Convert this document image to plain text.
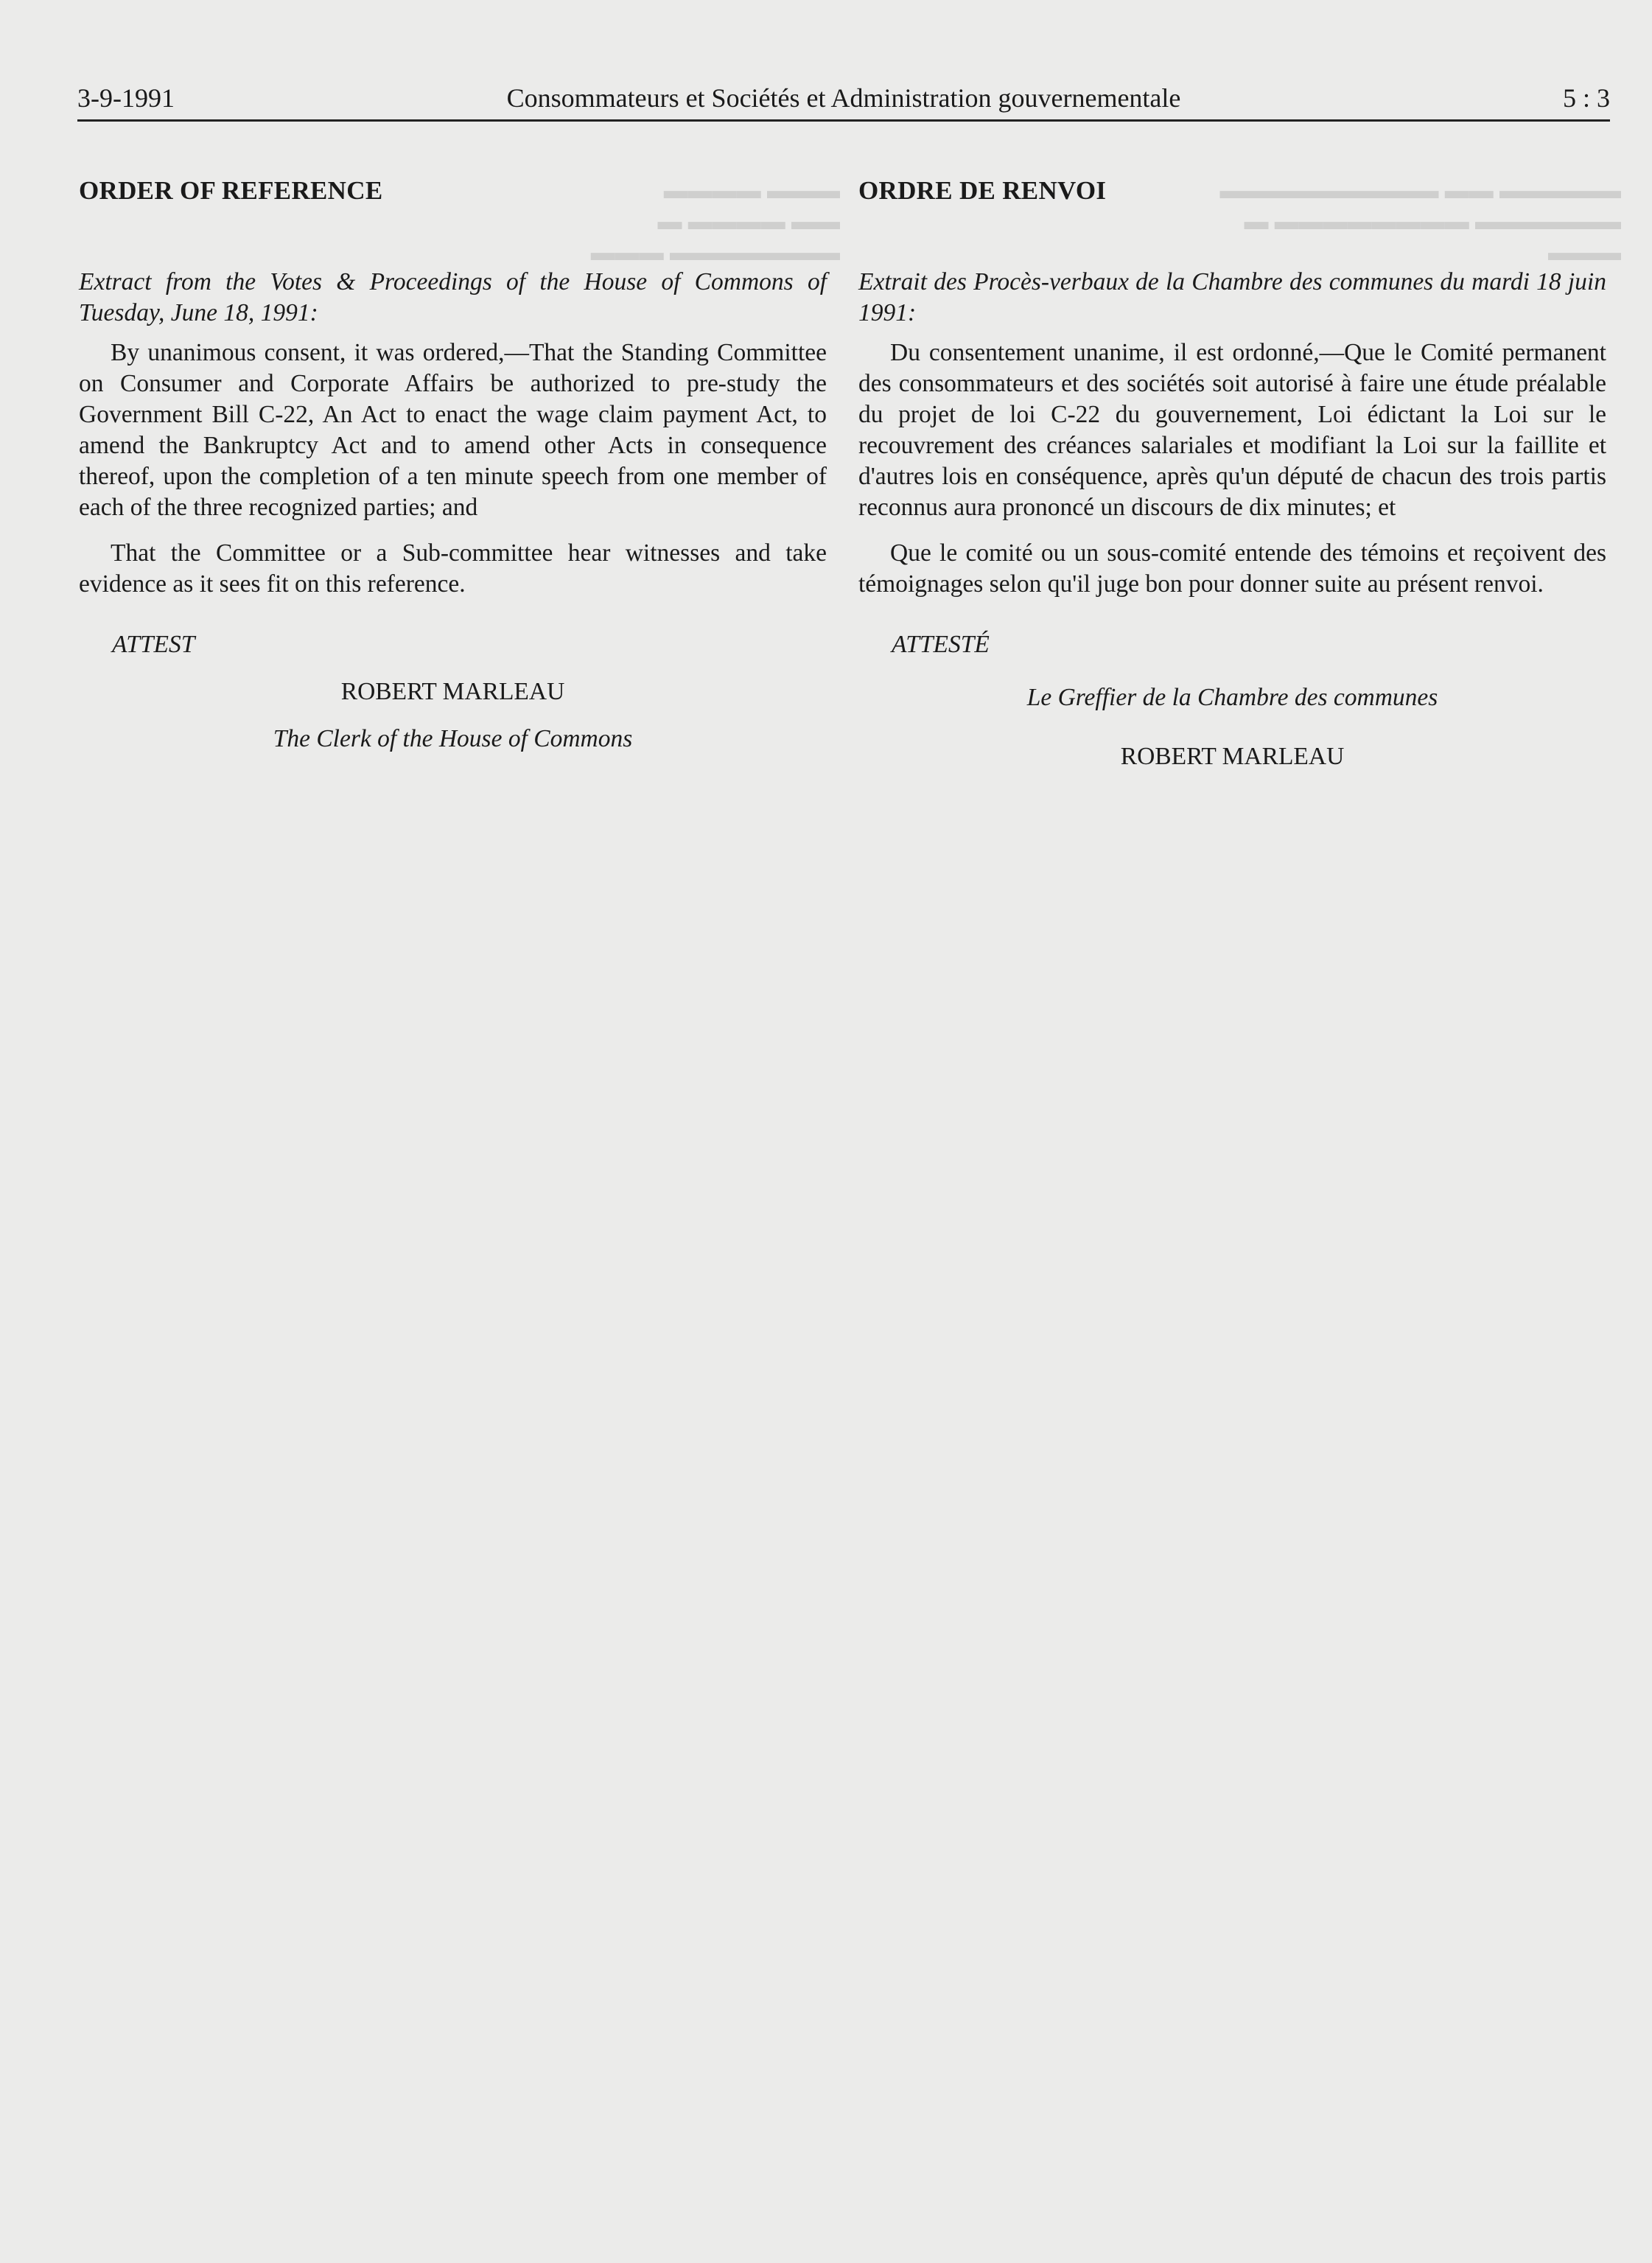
3-9-1991	Consommateurs et Sociétés et Administration gouvernementale	5 : 3
▬▬▬ ▬▬▬▬
▬▬ ▬▬▬▬ ▬ ▬▬▬▬▬▬▬ ▬▬▬
▬▬▬▬▬ ▬▬ ▬▬▬▬▬▬▬▬▬
▬▬▬▬▬▬ ▬▬▬▬▬▬▬▬ ▬ ▬▬▬
ORDER OF REFERENCE

Extract from the Votes & Proceedings of the House of Commons of Tuesday, June 18, 1991:

By unanimous consent, it was ordered,—That the Standing Committee on Consumer and Corporate Affairs be authorized to pre-study the Government Bill C-22, An Act to enact the wage claim payment Act, to amend the Bankruptcy Act and to amend other Acts in consequence thereof, upon the completion of a ten minute speech from one member of each of the three recognized parties; and

That the Committee or a Sub-committee hear witnesses and take evidence as it sees fit on this reference.

ATTEST
ROBERT MARLEAU
The Clerk of the House of Commons
ORDRE DE RENVOI

Extrait des Procès-verbaux de la Chambre des communes du mardi 18 juin 1991:

Du consentement unanime, il est ordonné,—Que le Comité permanent des consommateurs et des sociétés soit autorisé à faire une étude préalable du projet de loi C-22 du gouvernement, Loi édictant la Loi sur le recouvrement des créances salariales et modifiant la Loi sur la faillite et d'autres lois en conséquence, après qu'un député de chacun des trois partis reconnus aura prononcé un discours de dix minutes; et

Que le comité ou un sous-comité entende des témoins et reçoivent des témoignages selon qu'il juge bon pour donner suite au présent renvoi.

ATTESTÉ
Le Greffier de la Chambre des communes
ROBERT MARLEAU
